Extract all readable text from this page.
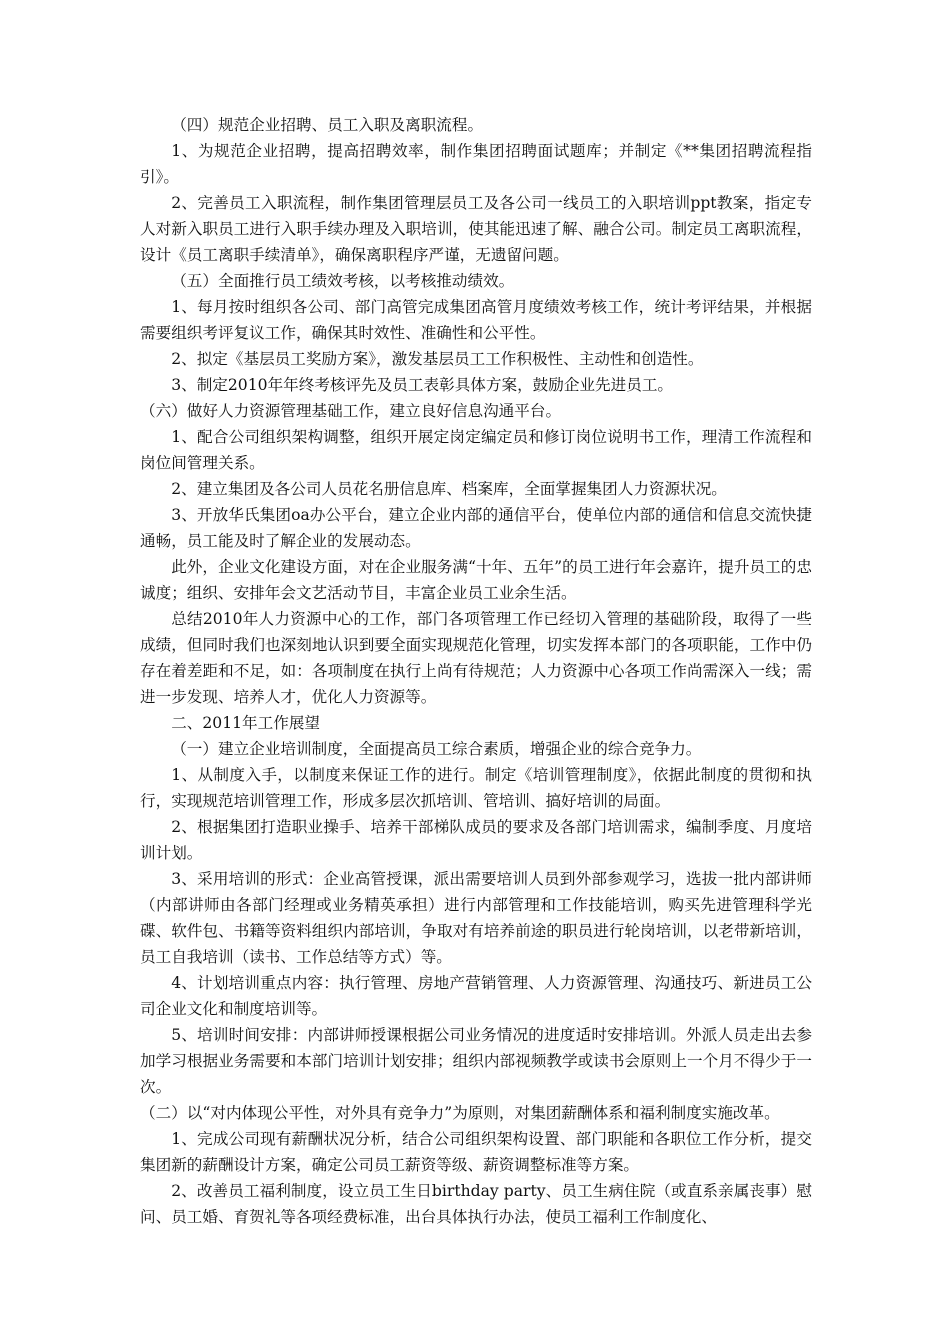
（四）规范企业招聘、员工入职及离职流程。

1、为规范企业招聘，提高招聘效率，制作集团招聘面试题库；并制定《**集团招聘流程指引》。

2、完善员工入职流程，制作集团管理层员工及各公司一线员工的入职培训ppt教案，指定专人对新入职员工进行入职手续办理及入职培训，使其能迅速了解、融合公司。制定员工离职流程，设计《员工离职手续清单》，确保离职程序严谨，无遗留问题。

（五）全面推行员工绩效考核，以考核推动绩效。

1、每月按时组织各公司、部门高管完成集团高管月度绩效考核工作，统计考评结果，并根据需要组织考评复议工作，确保其时效性、准确性和公平性。

2、拟定《基层员工奖励方案》，激发基层员工工作积极性、主动性和创造性。

3、制定2010年年终考核评先及员工表彰具体方案，鼓励企业先进员工。

（六）做好人力资源管理基础工作，建立良好信息沟通平台。

1、配合公司组织架构调整，组织开展定岗定编定员和修订岗位说明书工作，理清工作流程和岗位间管理关系。

2、建立集团及各公司人员花名册信息库、档案库，全面掌握集团人力资源状况。

3、开放华氏集团oa办公平台，建立企业内部的通信平台，使单位内部的通信和信息交流快捷通畅，员工能及时了解企业的发展动态。

此外，企业文化建设方面，对在企业服务满“十年、五年”的员工进行年会嘉许，提升员工的忠诚度；组织、安排年会文艺活动节目，丰富企业员工业余生活。

总结2010年人力资源中心的工作，部门各项管理工作已经切入管理的基础阶段，取得了一些成绩，但同时我们也深刻地认识到要全面实现规范化管理，切实发挥本部门的各项职能，工作中仍存在着差距和不足，如：各项制度在执行上尚有待规范；人力资源中心各项工作尚需深入一线；需进一步发现、培养人才，优化人力资源等。

二、2011年工作展望

（一）建立企业培训制度，全面提高员工综合素质，增强企业的综合竞争力。

1、从制度入手，以制度来保证工作的进行。制定《培训管理制度》，依据此制度的贯彻和执行，实现规范培训管理工作，形成多层次抓培训、管培训、搞好培训的局面。

2、根据集团打造职业操手、培养干部梯队成员的要求及各部门培训需求，编制季度、月度培训计划。

3、采用培训的形式：企业高管授课，派出需要培训人员到外部参观学习，选拔一批内部讲师（内部讲师由各部门经理或业务精英承担）进行内部管理和工作技能培训，购买先进管理科学光碟、软件包、书籍等资料组织内部培训，争取对有培养前途的职员进行轮岗培训，以老带新培训，员工自我培训（读书、工作总结等方式）等。

4、计划培训重点内容：执行管理、房地产营销管理、人力资源管理、沟通技巧、新进员工公司企业文化和制度培训等。

5、培训时间安排：内部讲师授课根据公司业务情况的进度适时安排培训。外派人员走出去参加学习根据业务需要和本部门培训计划安排；组织内部视频教学或读书会原则上一个月不得少于一次。

（二）以“对内体现公平性，对外具有竞争力”为原则，对集团薪酬体系和福利制度实施改革。

1、完成公司现有薪酬状况分析，结合公司组织架构设置、部门职能和各职位工作分析，提交集团新的薪酬设计方案，确定公司员工薪资等级、薪资调整标准等方案。

2、改善员工福利制度，设立员工生日birthday party、员工生病住院（或直系亲属丧事）慰问、员工婚、育贺礼等各项经费标准，出台具体执行办法，使员工福利工作制度化、
